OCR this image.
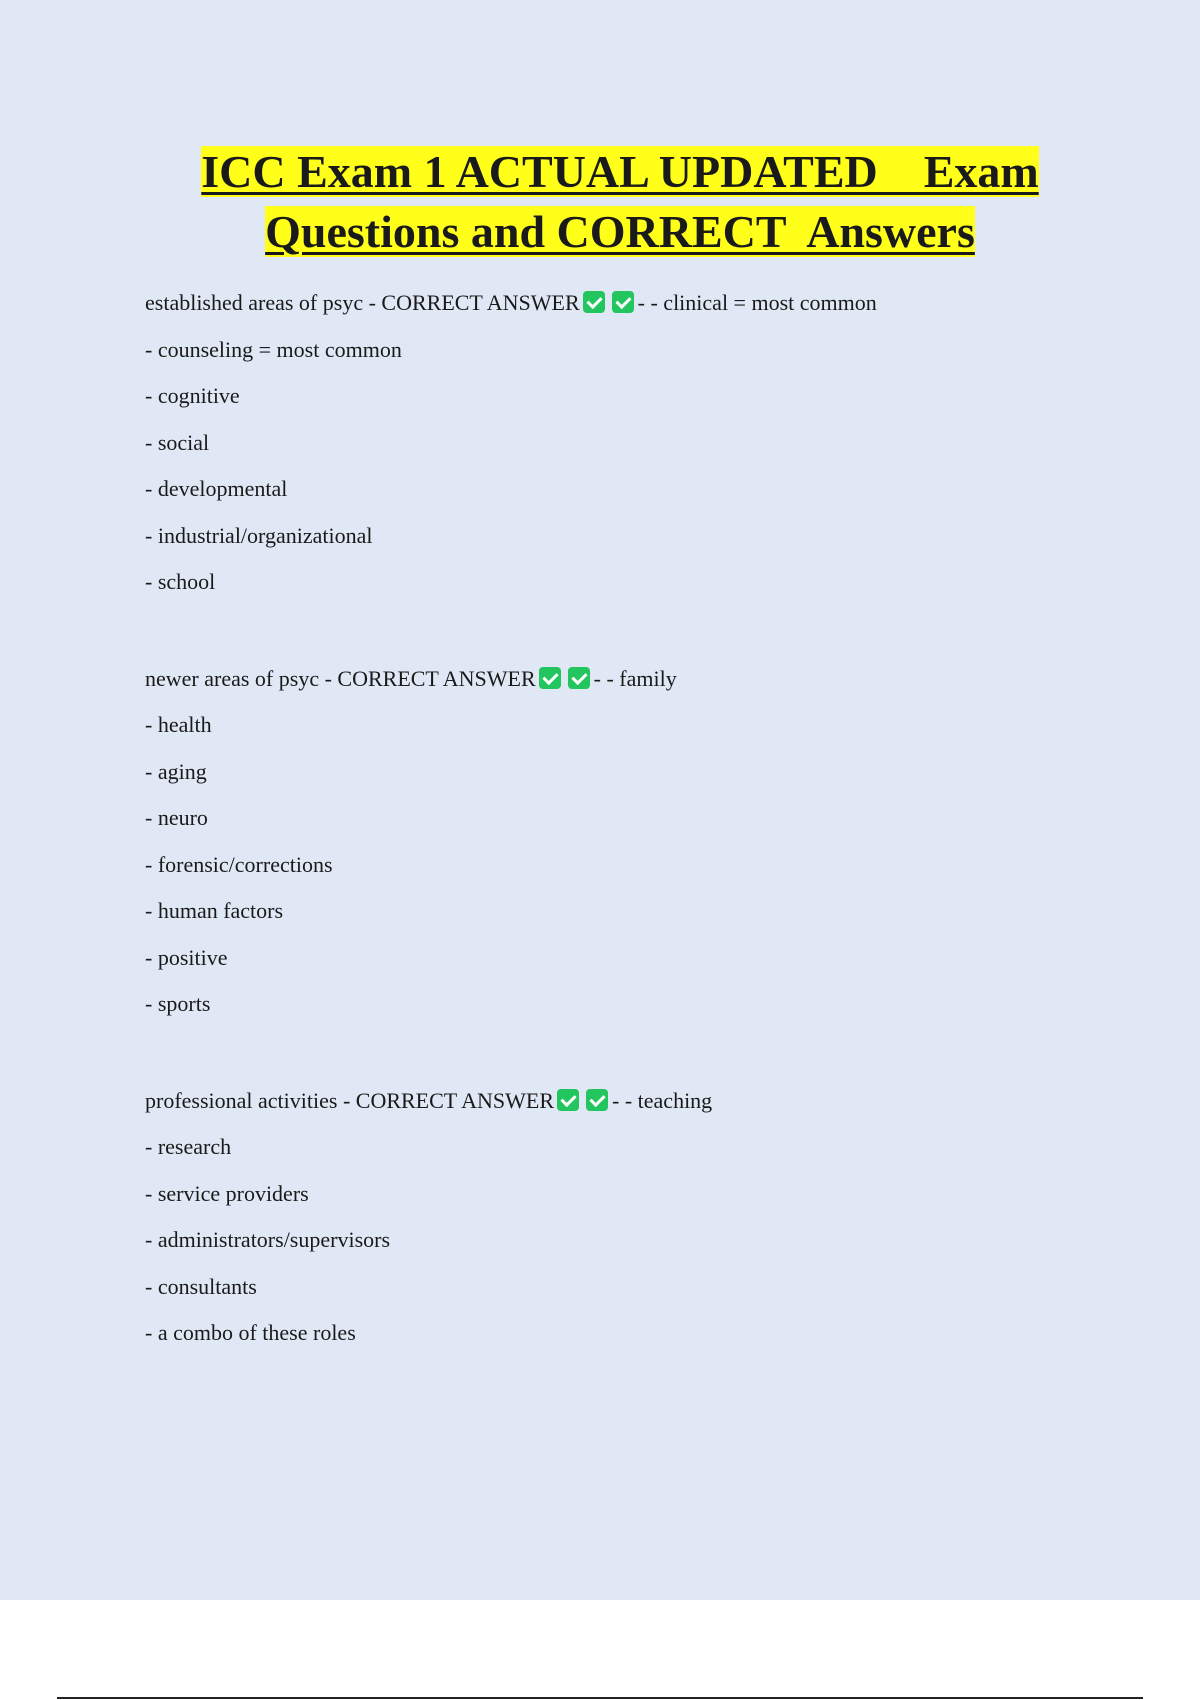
ICC Exam 1 ACTUAL UPDATED    Exam
Questions and CORRECT  Answers
established areas of psyc - CORRECT ANSWER	- - clinical = most common
- counseling = most common
- cognitive
- social
- developmental
- industrial/organizational
- school
newer areas of psyc - CORRECT ANSWER	- - family
- health
- aging
- neuro
- forensic/corrections
- human factors
- positive
- sports
professional activities - CORRECT ANSWER	- - teaching
- research
- service providers
- administrators/supervisors
- consultants
- a combo of these roles
